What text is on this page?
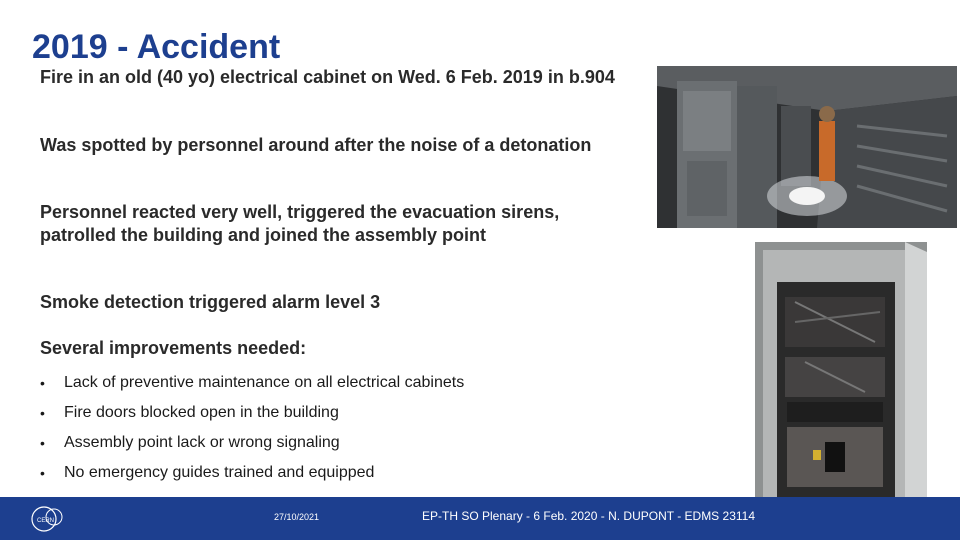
2019 - Accident

Fire in an old (40 yo) electrical cabinet on Wed. 6 Feb. 2019 in b.904

Was spotted by personnel around after the noise of a detonation

Personnel reacted very well, triggered the evacuation sirens, patrolled the building and joined the assembly point

Smoke detection triggered alarm level 3

Several improvements needed:

•	Lack of preventive maintenance on all electrical cabinets
•	Fire doors blocked open in the building
•	Assembly point lack or wrong signaling
•	No emergency guides trained and equipped
CERN	27/10/2021	EP-TH SO Plenary - 6 Feb. 2020 - N. DUPONT - EDMS 23114
